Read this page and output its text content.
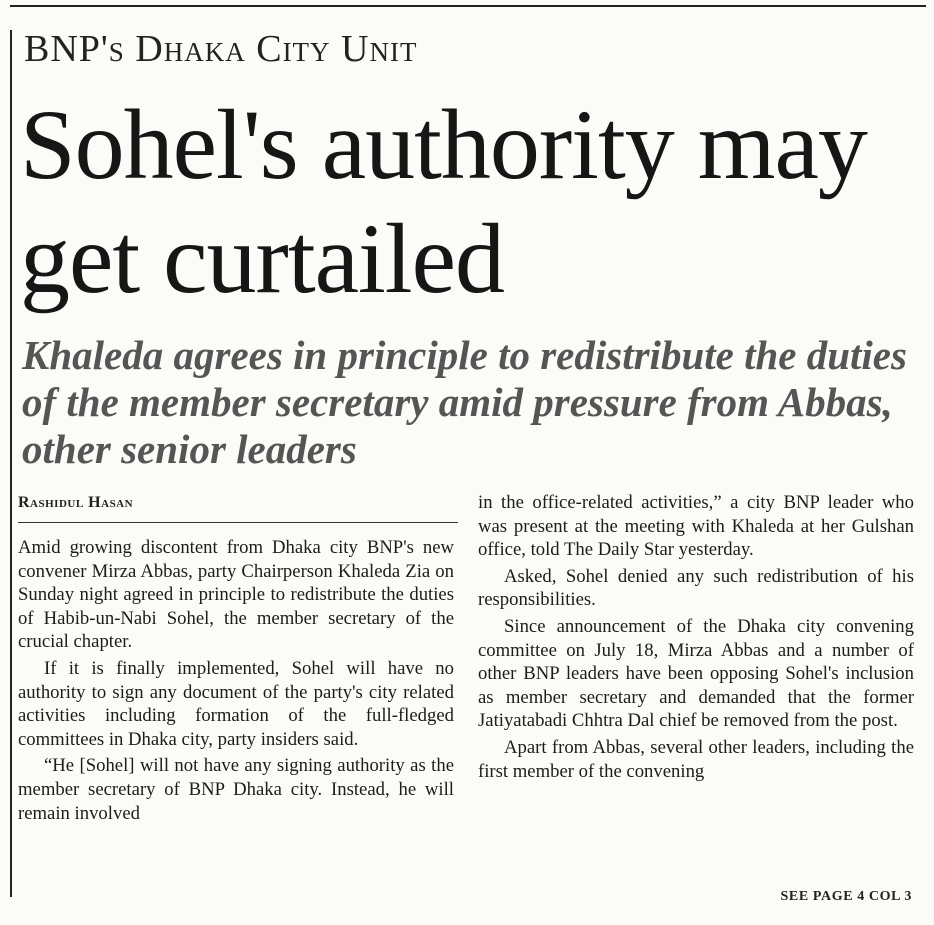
BNP's Dhaka City Unit
Sohel's authority may get curtailed
Khaleda agrees in principle to redistribute the duties of the member secretary amid pressure from Abbas, other senior leaders
Rashidul Hasan

Amid growing discontent from Dhaka city BNP's new convener Mirza Abbas, party Chairperson Khaleda Zia on Sunday night agreed in principle to redistribute the duties of Habib-un-Nabi Sohel, the member secretary of the crucial chapter.

If it is finally implemented, Sohel will have no authority to sign any document of the party's city related activities including formation of the full-fledged committees in Dhaka city, party insiders said.

“He [Sohel] will not have any signing authority as the member secretary of BNP Dhaka city. Instead, he will remain involved

in the office-related activities,” a city BNP leader who was present at the meeting with Khaleda at her Gulshan office, told The Daily Star yesterday.

Asked, Sohel denied any such redistribution of his responsibilities.

Since announcement of the Dhaka city convening committee on July 18, Mirza Abbas and a number of other BNP leaders have been opposing Sohel's inclusion as member secretary and demanded that the former Jatiyatabadi Chhtra Dal chief be removed from the post.

Apart from Abbas, several other leaders, including the first member of the convening

SEE PAGE 4 COL 3
